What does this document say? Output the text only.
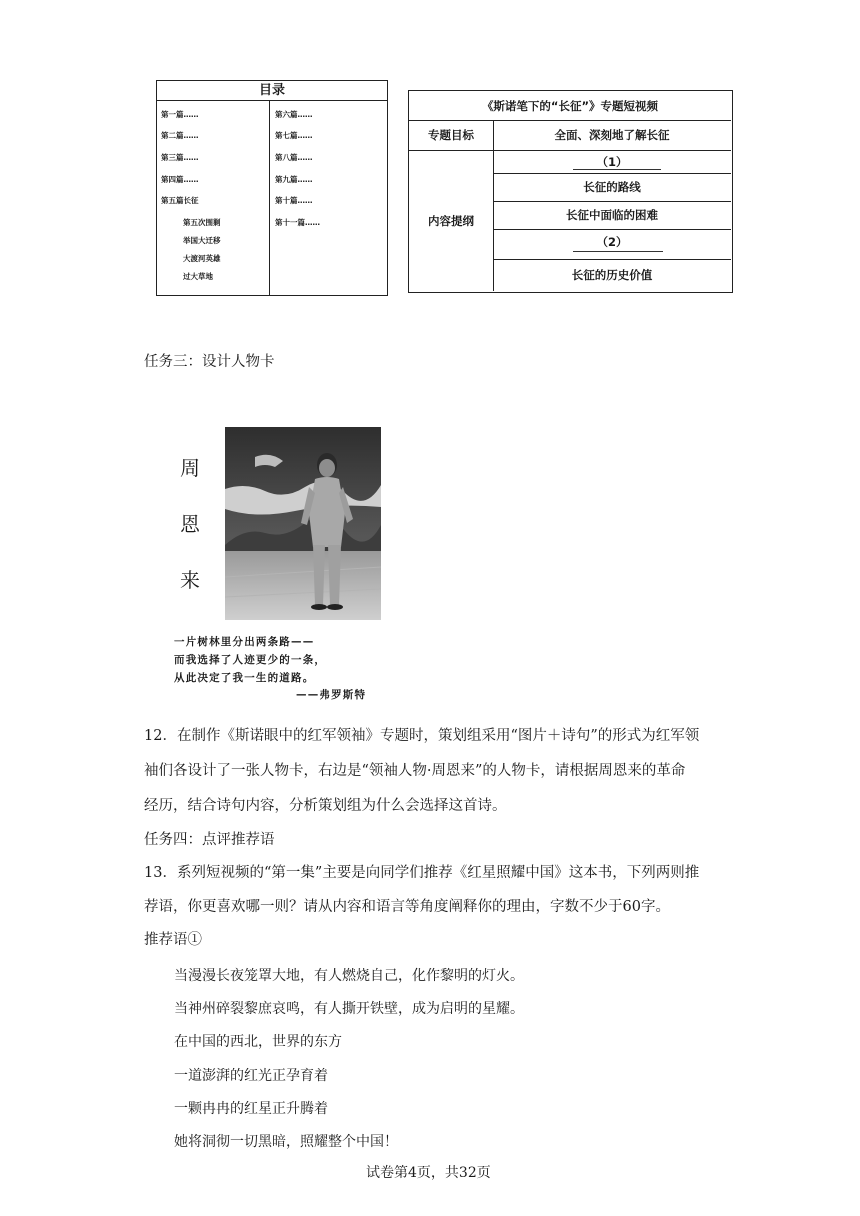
目录
第一篇……
第二篇……
第三篇……
第四篇……
第五篇长征
第五次围剿
举国大迁移
大渡河英雄
过大草地
第六篇……
第七篇……
第八篇……
第九篇……
第十篇……
第十一篇……
《斯诺笔下的“长征”》专题短视频
专题目标	全面、深刻地了解长征
内容提纲
（1）
长征的路线
长征中面临的困难
（2）
长征的历史价值
任务三：设计人物卡
周
恩
来
一片树林里分出两条路——
而我选择了人迹更少的一条，
从此决定了我一生的道路。
——弗罗斯特
12．在制作《斯诺眼中的红军领袖》专题时，策划组采用“图片＋诗句”的形式为红军领
袖们各设计了一张人物卡，右边是“领袖人物·周恩来”的人物卡，请根据周恩来的革命
经历，结合诗句内容，分析策划组为什么会选择这首诗。
任务四：点评推荐语
13．系列短视频的“第一集”主要是向同学们推荐《红星照耀中国》这本书，下列两则推
荐语，你更喜欢哪一则？请从内容和语言等角度阐释你的理由，字数不少于60字。
推荐语①
当漫漫长夜笼罩大地，有人燃烧自己，化作黎明的灯火。
当神州碎裂黎庶哀鸣，有人撕开铁壁，成为启明的星耀。
在中国的西北，世界的东方
一道澎湃的红光正孕育着
一颗冉冉的红星正升腾着
她将洞彻一切黑暗，照耀整个中国！
试卷第4页，共32页
